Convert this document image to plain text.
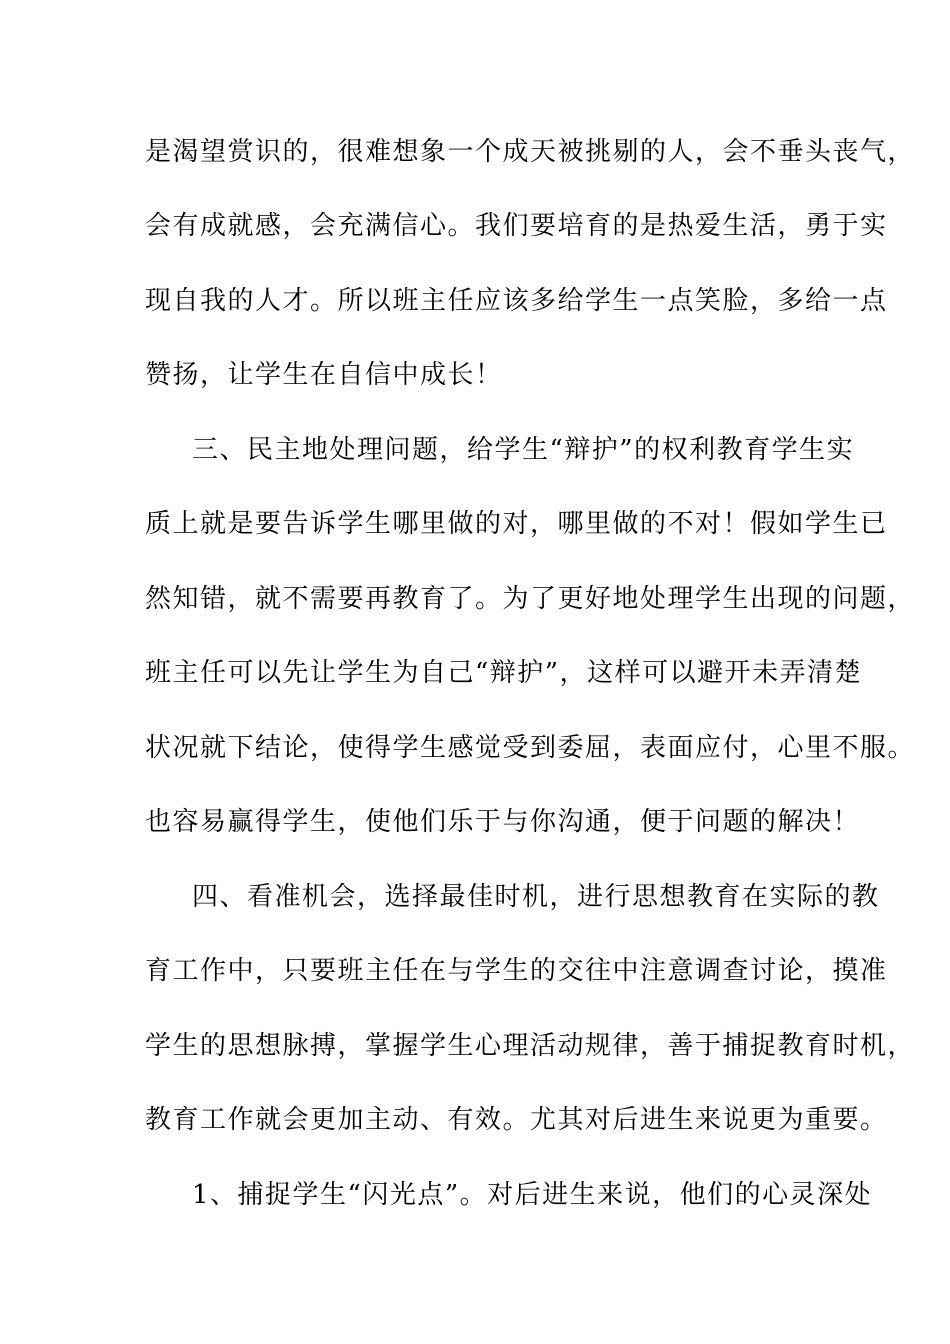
是渴望赏识的，很难想象一个成天被挑剔的人，会不垂头丧气，
会有成就感，会充满信心。我们要培育的是热爱生活，勇于实
现自我的人才。所以班主任应该多给学生一点笑脸，多给一点
赞扬，让学生在自信中成长！
三、民主地处理问题，给学生“辩护”的权利教育学生实
质上就是要告诉学生哪里做的对，哪里做的不对！假如学生已
然知错，就不需要再教育了。为了更好地处理学生出现的问题，
班主任可以先让学生为自己“辩护”，这样可以避开未弄清楚
状况就下结论，使得学生感觉受到委屈，表面应付，心里不服。
也容易赢得学生，使他们乐于与你沟通，便于问题的解决！
四、看准机会，选择最佳时机，进行思想教育在实际的教
育工作中，只要班主任在与学生的交往中注意调查讨论，摸准
学生的思想脉搏，掌握学生心理活动规律，善于捕捉教育时机，
教育工作就会更加主动、有效。尤其对后进生来说更为重要。
1、捕捉学生“闪光点”。对后进生来说，他们的心灵深处
